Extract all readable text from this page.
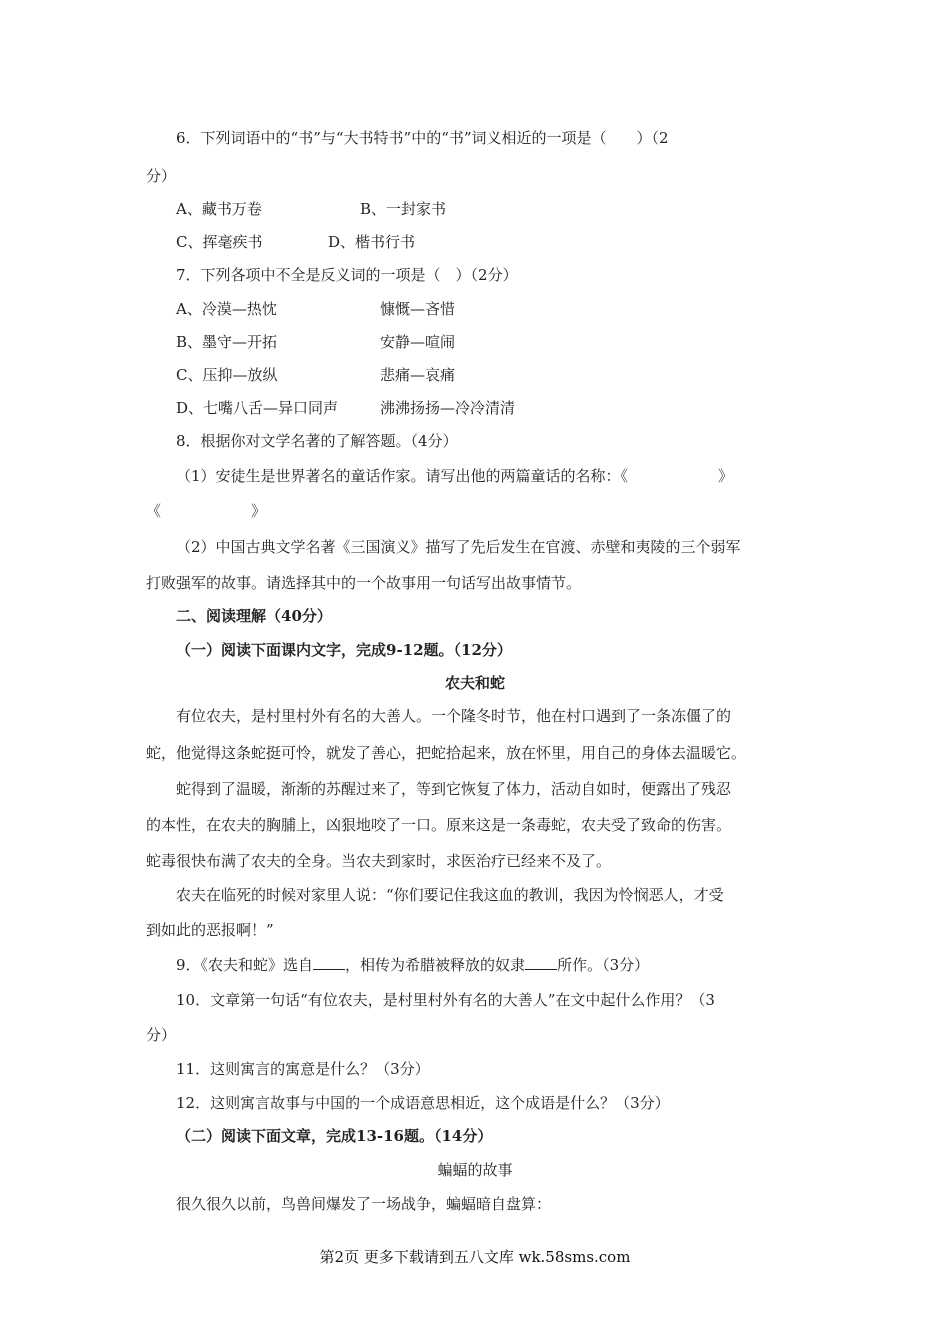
6．下列词语中的“书”与“大书特书”中的“书”词义相近的一项是（　　）（2
分）
A、藏书万卷	B、一封家书
C、挥毫疾书	D、楷书行书
7．下列各项中不全是反义词的一项是（　）（2分）
A、冷漠—热忱	慷慨—吝惜
B、墨守—开拓	安静—喧闹
C、压抑—放纵	悲痛—哀痛
D、七嘴八舌—异口同声	沸沸扬扬—冷冷清清
8．根据你对文学名著的了解答题。（4分）
（1）安徒生是世界著名的童话作家。请写出他的两篇童话的名称：《　　　　　　》
《　　　　　　》
（2）中国古典文学名著《三国演义》描写了先后发生在官渡、赤壁和夷陵的三个弱军
打败强军的故事。请选择其中的一个故事用一句话写出故事情节。
二、阅读理解（40分）
（一）阅读下面课内文字，完成9-12题。（12分）
农夫和蛇
有位农夫，是村里村外有名的大善人。一个隆冬时节，他在村口遇到了一条冻僵了的
蛇，他觉得这条蛇挺可怜，就发了善心，把蛇拾起来，放在怀里，用自己的身体去温暖它。
蛇得到了温暖，渐渐的苏醒过来了，等到它恢复了体力，活动自如时，便露出了残忍
的本性，在农夫的胸脯上，凶狠地咬了一口。原来这是一条毒蛇，农夫受了致命的伤害。
蛇毒很快布满了农夫的全身。当农夫到家时，求医治疗已经来不及了。
农夫在临死的时候对家里人说：“你们要记住我这血的教训，我因为怜悯恶人，才受
到如此的恶报啊！”
9．《农夫和蛇》选自 ，相传为希腊被释放的奴隶 所作。（3分）
10．文章第一句话“有位农夫，是村里村外有名的大善人”在文中起什么作用？（3
分）
11．这则寓言的寓意是什么？（3分）
12．这则寓言故事与中国的一个成语意思相近，这个成语是什么？（3分）
（二）阅读下面文章，完成13-16题。（14分）
蝙蝠的故事
很久很久以前，鸟兽间爆发了一场战争，蝙蝠暗自盘算：
第2页 更多下载请到五八文库 wk.58sms.com
